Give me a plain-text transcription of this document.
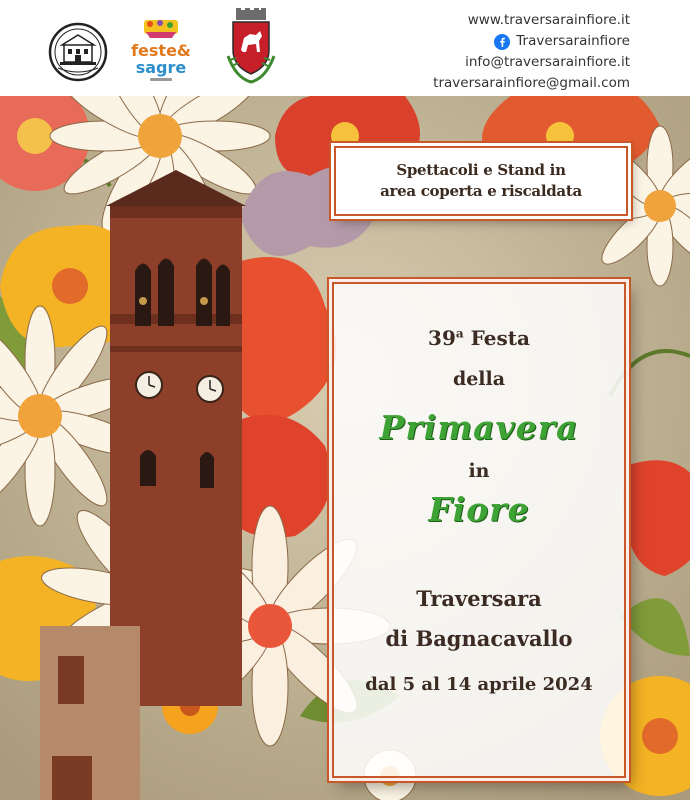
feste&
sagre
www.traversarainfiore.it
Traversarainfiore
info@traversarainfiore.it
traversarainfiore@gmail.com
Spettacoli e Stand in
area coperta e riscaldata
39$^a$ Festa
della
Primavera
in
Fiore
Traversara
di Bagnacavallo
dal 5 al 14 aprile 2024
